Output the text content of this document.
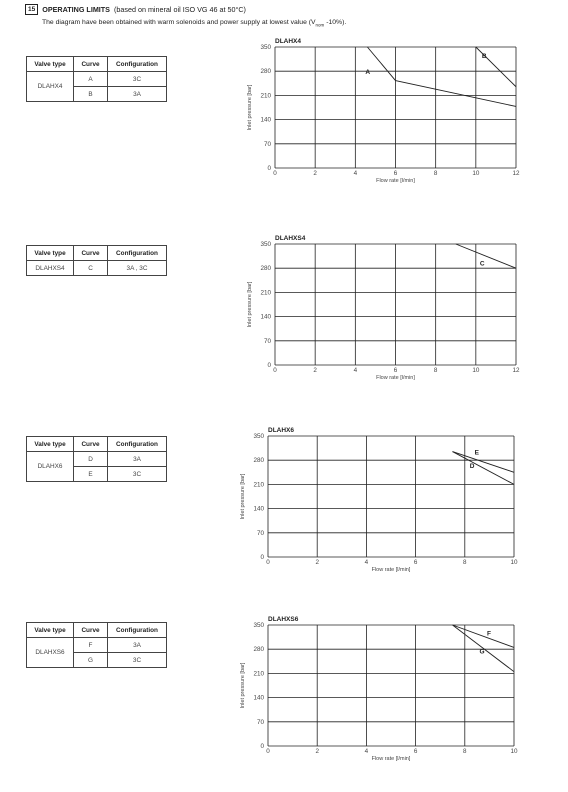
15 OPERATING LIMITS (based on mineral oil ISO VG 46 at 50°C)
The diagram have been obtained with warm solenoids and power supply at lowest value ($V_{nom}$ -10%).
Valve type	Curve	Configuration
DLAHX4	A	3C
	B	3A
0	2	4	6	8	10	12
0
70
140
210
280
350
DLAHX4
Flow rate [l/min]
Inlet pressure [bar]
A
B
Valve type	Curve	Configuration
DLAHXS4	C	3A , 3C
0	2	4	6	8	10	12
0
70
140
210
280
350
DLAHXS4
Flow rate [l/min]
Inlet pressure [bar]
C
Valve type	Curve	Configuration
DLAHX6	D	3A
	E	3C
0	2	4	6	8	10
0
70
140
210
280
350
DLAHX6
Flow rate [l/min]
Inlet pressure [bar]
E
D
Valve type	Curve	Configuration
DLAHXS6	F	3A
	G	3C
0	2	4	6	8	10
0
70
140
210
280
350
DLAHXS6
Flow rate [l/min]
Inlet pressure [bar]
F
G
